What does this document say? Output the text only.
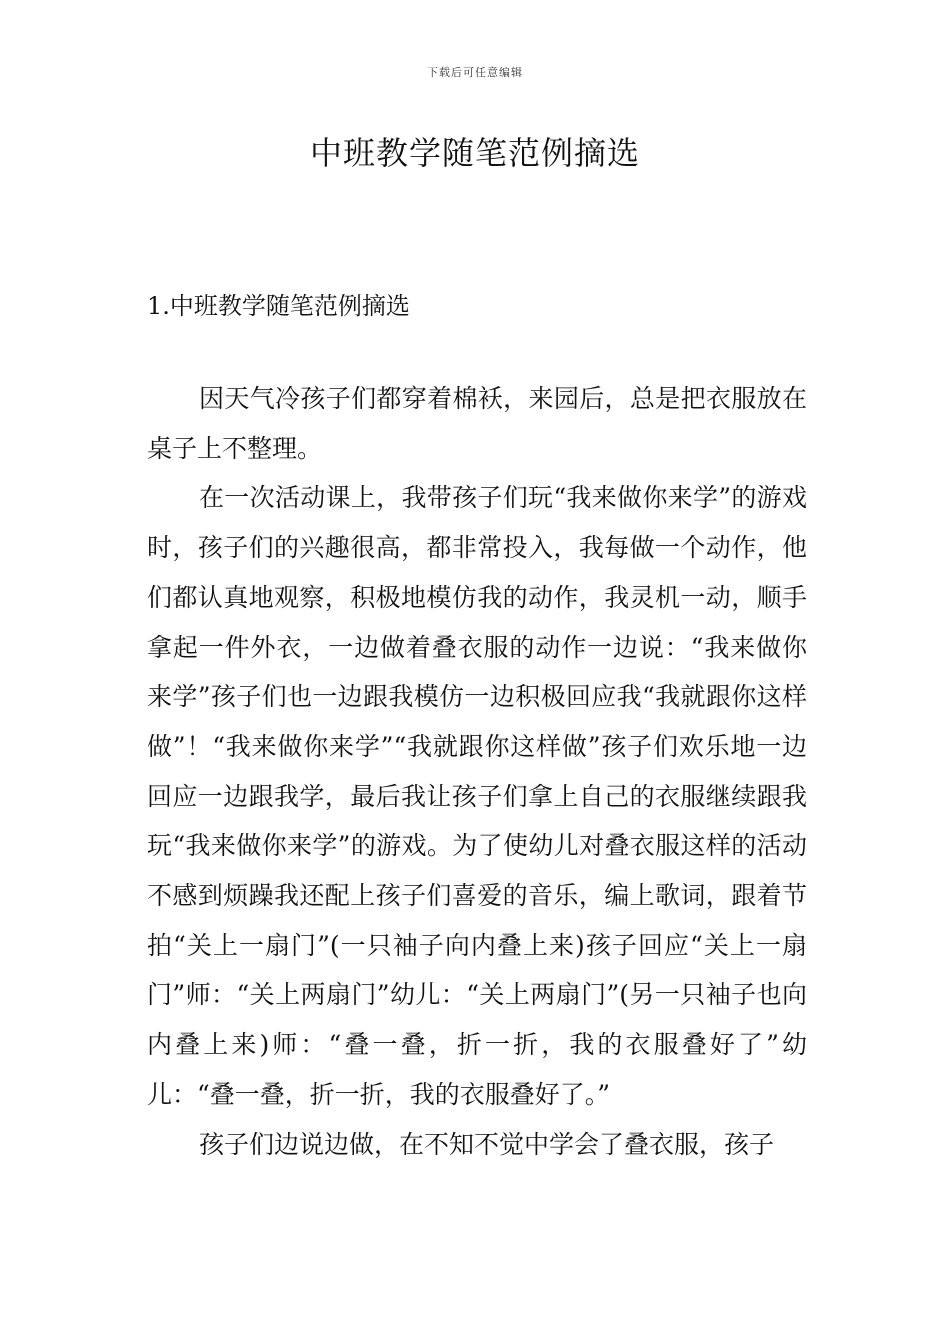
下载后可任意编辑
中班教学随笔范例摘选
1.中班教学随笔范例摘选

因天气冷孩子们都穿着棉袄，来园后，总是把衣服放在桌子上不整理。

在一次活动课上，我带孩子们玩“我来做你来学”的游戏时，孩子们的兴趣很高，都非常投入，我每做一个动作，他们都认真地观察，积极地模仿我的动作，我灵机一动，顺手拿起一件外衣，一边做着叠衣服的动作一边说：“我来做你来学”孩子们也一边跟我模仿一边积极回应我“我就跟你这样做”！“我来做你来学”“我就跟你这样做”孩子们欢乐地一边回应一边跟我学，最后我让孩子们拿上自己的衣服继续跟我玩“我来做你来学”的游戏。为了使幼儿对叠衣服这样的活动不感到烦躁我还配上孩子们喜爱的音乐，编上歌词，跟着节拍“关上一扇门”(一只袖子向内叠上来)孩子回应“关上一扇门”师：“关上两扇门”幼儿：“关上两扇门”(另一只袖子也向内叠上来)师：“叠一叠，折一折，我的衣服叠好了”幼儿：“叠一叠，折一折，我的衣服叠好了。”

孩子们边说边做，在不知不觉中学会了叠衣服，孩子
